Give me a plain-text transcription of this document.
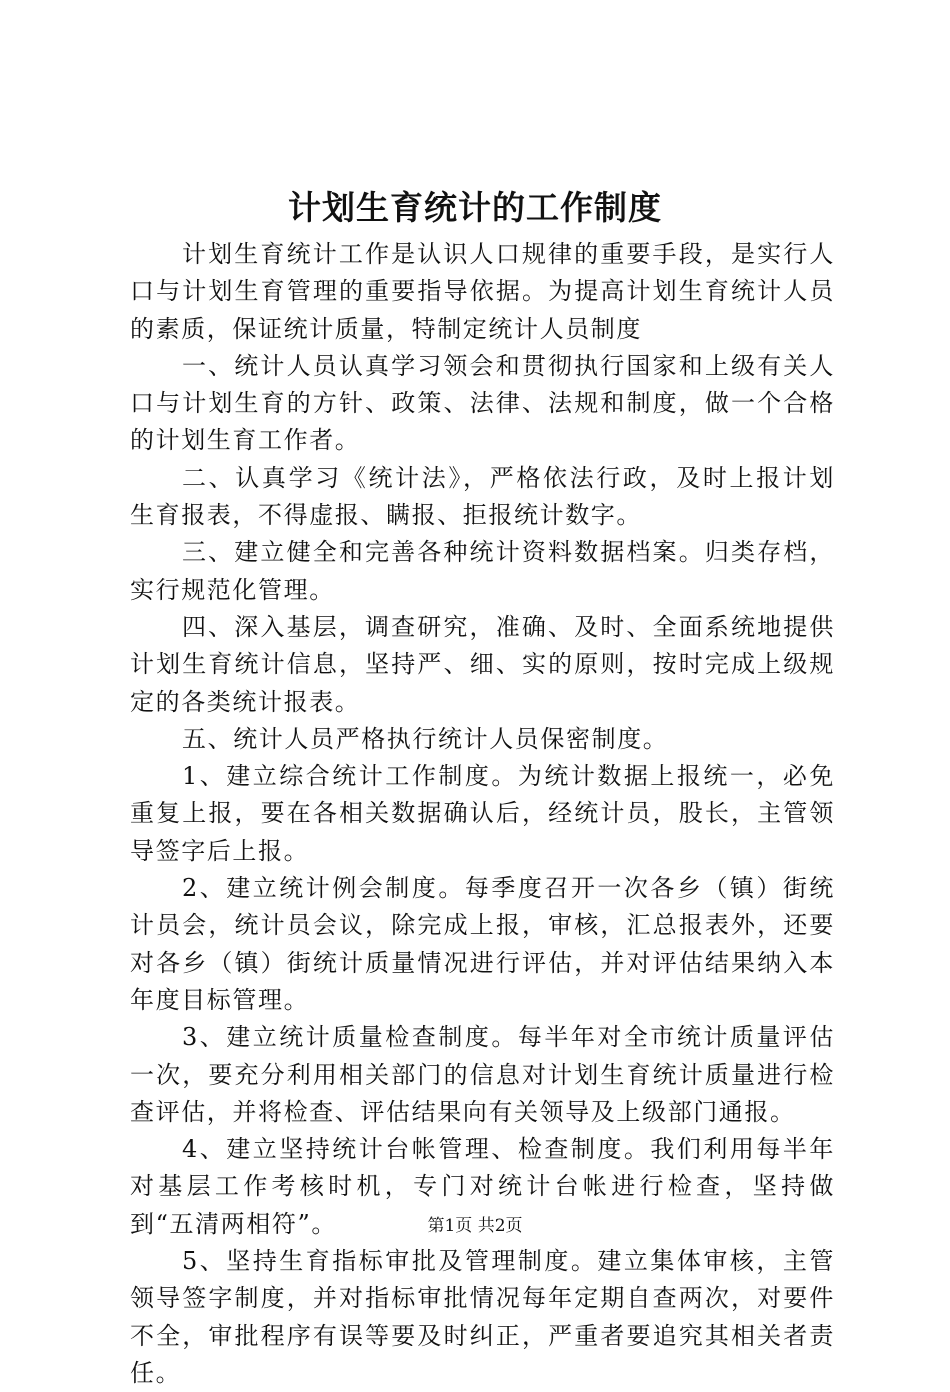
计划生育统计的工作制度

计划生育统计工作是认识人口规律的重要手段，是实行人口与计划生育管理的重要指导依据。为提高计划生育统计人员的素质，保证统计质量，特制定统计人员制度

一、统计人员认真学习领会和贯彻执行国家和上级有关人口与计划生育的方针、政策、法律、法规和制度，做一个合格的计划生育工作者。

二、认真学习《统计法》，严格依法行政，及时上报计划生育报表，不得虚报、瞒报、拒报统计数字。

三、建立健全和完善各种统计资料数据档案。归类存档，实行规范化管理。

四、深入基层，调查研究，准确、及时、全面系统地提供计划生育统计信息，坚持严、细、实的原则，按时完成上级规定的各类统计报表。

五、统计人员严格执行统计人员保密制度。

1、建立综合统计工作制度。为统计数据上报统一，必免重复上报，要在各相关数据确认后，经统计员，股长，主管领导签字后上报。

2、建立统计例会制度。每季度召开一次各乡（镇）街统计员会，统计员会议，除完成上报，审核，汇总报表外，还要对各乡（镇）街统计质量情况进行评估，并对评估结果纳入本年度目标管理。

3、建立统计质量检查制度。每半年对全市统计质量评估一次，要充分利用相关部门的信息对计划生育统计质量进行检查评估，并将检查、评估结果向有关领导及上级部门通报。

4、建立坚持统计台帐管理、检查制度。我们利用每半年对基层工作考核时机，专门对统计台帐进行检查，坚持做到“五清两相符”。

5、坚持生育指标审批及管理制度。建立集体审核，主管领导签字制度，并对指标审批情况每年定期自查两次，对要件不全，审批程序有误等要及时纠正，严重者要追究其相关者责任。

第1页 共2页
